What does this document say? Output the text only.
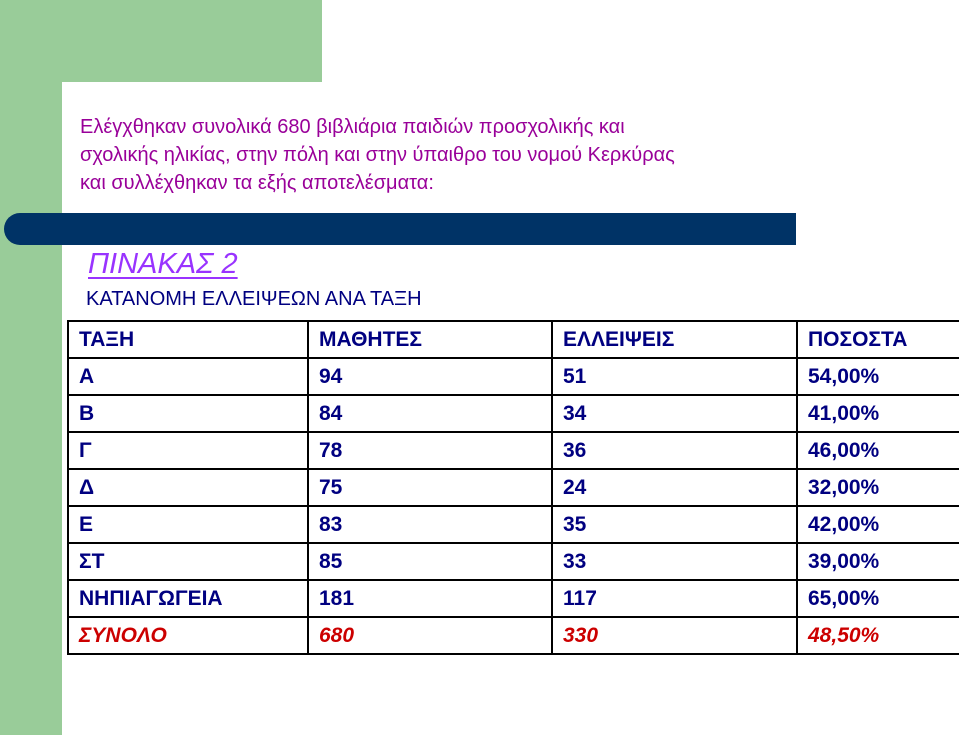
Ελέγχθηκαν συνολικά 680 βιβλιάρια παιδιών προσχολικής και
σχολικής ηλικίας, στην πόλη και στην ύπαιθρο του νομού Κερκύρας
και συλλέχθηκαν τα εξής αποτελέσματα:

ΠΙΝΑΚΑΣ 2
ΚΑΤΑΝΟΜΗ ΕΛΛΕΙΨΕΩΝ ΑΝΑ ΤΑΞΗ
ΤΑΞΗ	ΜΑΘΗΤΕΣ	ΕΛΛΕΙΨΕΙΣ	ΠΟΣΟΣΤΑ
Α	94	51	54,00%
Β	84	34	41,00%
Γ	78	36	46,00%
Δ	75	24	32,00%
Ε	83	35	42,00%
ΣΤ	85	33	39,00%
ΝΗΠΙΑΓΩΓΕΙΑ	181	117	65,00%
ΣΥΝΟΛΟ	680	330	48,50%
